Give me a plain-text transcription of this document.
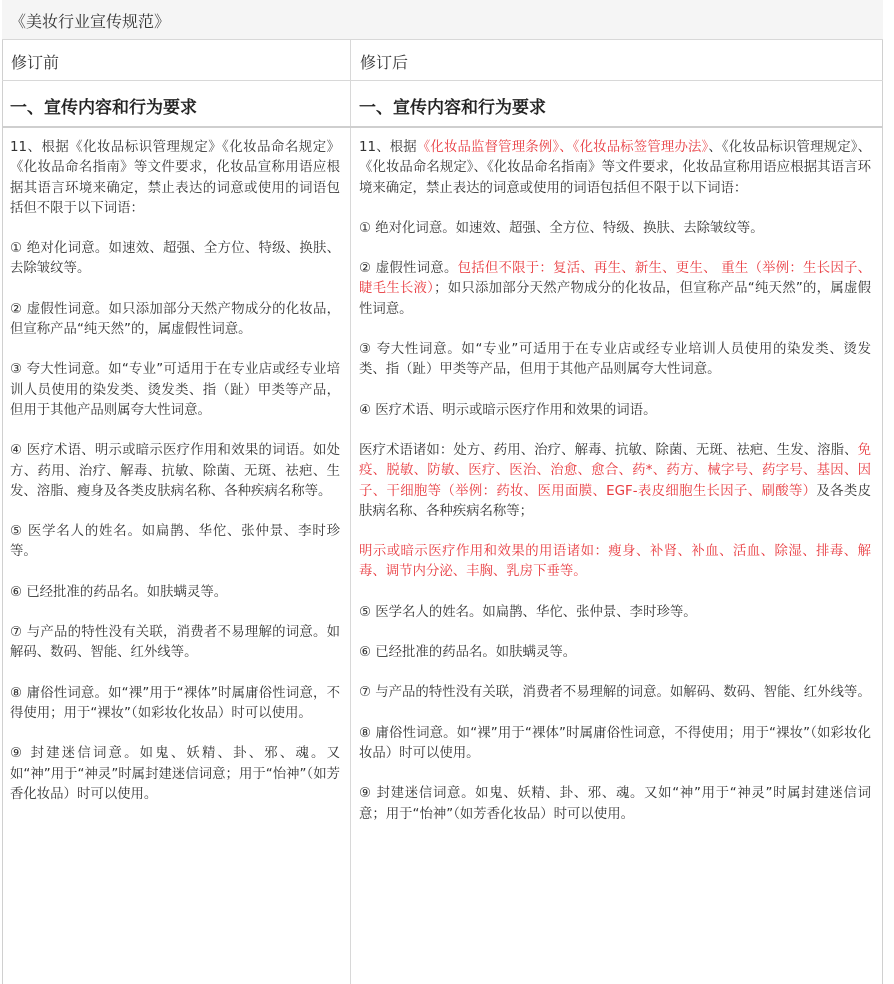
《美妆行业宣传规范》
修订前	修订后
一、宣传内容和行为要求	一、宣传内容和行为要求

11、根据《化妆品标识管理规定》《化妆品命名规定》《化妆品命名指南》等文件要求，化妆品宣称用语应根据其语言环境来确定，禁止表达的词意或使用的词语包括但不限于以下词语：

① 绝对化词意。如速效、超强、全方位、特级、换肤、去除皱纹等。

② 虚假性词意。如只添加部分天然产物成分的化妆品，但宣称产品“纯天然”的，属虚假性词意。

③ 夸大性词意。如“专业”可适用于在专业店或经专业培训人员使用的染发类、烫发类、指（趾）甲类等产品，但用于其他产品则属夸大性词意。

④ 医疗术语、明示或暗示医疗作用和效果的词语。如处方、药用、治疗、解毒、抗敏、除菌、无斑、祛疤、生发、溶脂、瘦身及各类皮肤病名称、各种疾病名称等。

⑤ 医学名人的姓名。如扁鹊、华佗、张仲景、李时珍等。

⑥ 已经批准的药品名。如肤螨灵等。

⑦ 与产品的特性没有关联，消费者不易理解的词意。如解码、数码、智能、红外线等。

⑧ 庸俗性词意。如“裸”用于“裸体”时属庸俗性词意，不得使用；用于“裸妆”（如彩妆化妆品）时可以使用。

⑨ 封建迷信词意。如鬼、妖精、卦、邪、魂。又如“神”用于“神灵”时属封建迷信词意；用于“怡神”（如芳香化妆品）时可以使用。

11、根据《化妆品监督管理条例》、《化妆品标签管理办法》、《化妆品标识管理规定》、《化妆品命名规定》、《化妆品命名指南》等文件要求，化妆品宣称用语应根据其语言环境来确定，禁止表达的词意或使用的词语包括但不限于以下词语：

① 绝对化词意。如速效、超强、全方位、特级、换肤、去除皱纹等。

② 虚假性词意。包括但不限于：复活、再生、新生、更生、 重生（举例：生长因子、睫毛生长液）；如只添加部分天然产物成分的化妆品，但宣称产品“纯天然”的，属虚假性词意。

③ 夸大性词意。如“专业”可适用于在专业店或经专业培训人员使用的染发类、烫发类、指（趾）甲类等产品，但用于其他产品则属夸大性词意。

④ 医疗术语、明示或暗示医疗作用和效果的词语。

医疗术语诸如：处方、药用、治疗、解毒、抗敏、除菌、无斑、祛疤、生发、溶脂、免疫、脱敏、防敏、医疗、医治、治愈、愈合、药*、药方、械字号、药字号、基因、因子、干细胞等（举例：药妆、医用面膜、EGF-表皮细胞生长因子、刷酸等）及各类皮肤病名称、各种疾病名称等；

明示或暗示医疗作用和效果的用语诸如：瘦身、补肾、补血、活血、除湿、排毒、解毒、调节内分泌、丰胸、乳房下垂等。

⑤ 医学名人的姓名。如扁鹊、华佗、张仲景、李时珍等。

⑥ 已经批准的药品名。如肤螨灵等。

⑦ 与产品的特性没有关联，消费者不易理解的词意。如解码、数码、智能、红外线等。

⑧ 庸俗性词意。如“裸”用于“裸体”时属庸俗性词意，不得使用；用于“裸妆”（如彩妆化妆品）时可以使用。

⑨ 封建迷信词意。如鬼、妖精、卦、邪、魂。又如“神”用于“神灵”时属封建迷信词意；用于“怡神”（如芳香化妆品）时可以使用。
